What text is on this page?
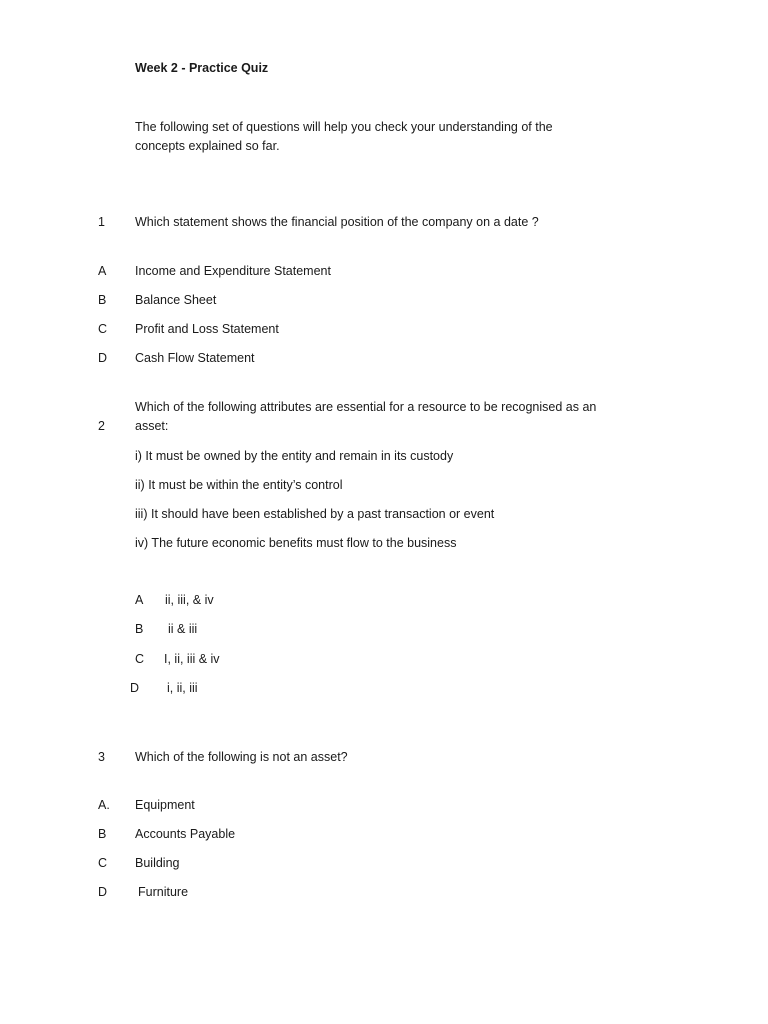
Week 2 - Practice Quiz
The following set of questions will help you check your understanding of the concepts explained so far.
1 Which statement shows the financial position of the company on a date ?
A Income and Expenditure Statement
B Balance Sheet
C Profit and Loss Statement
D Cash Flow Statement
Which of the following attributes are essential for a resource to be recognised as an asset:
2
i) It must be owned by the entity and remain in its custody
ii) It must be within the entity’s control
iii) It should have been established by a past transaction or event
iv) The future economic benefits must flow to the business
A ii, iii, & iv
B ii & iii
C I, ii, iii & iv
D i, ii, iii
3 Which of the following is not an asset?
A. Equipment
B Accounts Payable
C Building
D Furniture
